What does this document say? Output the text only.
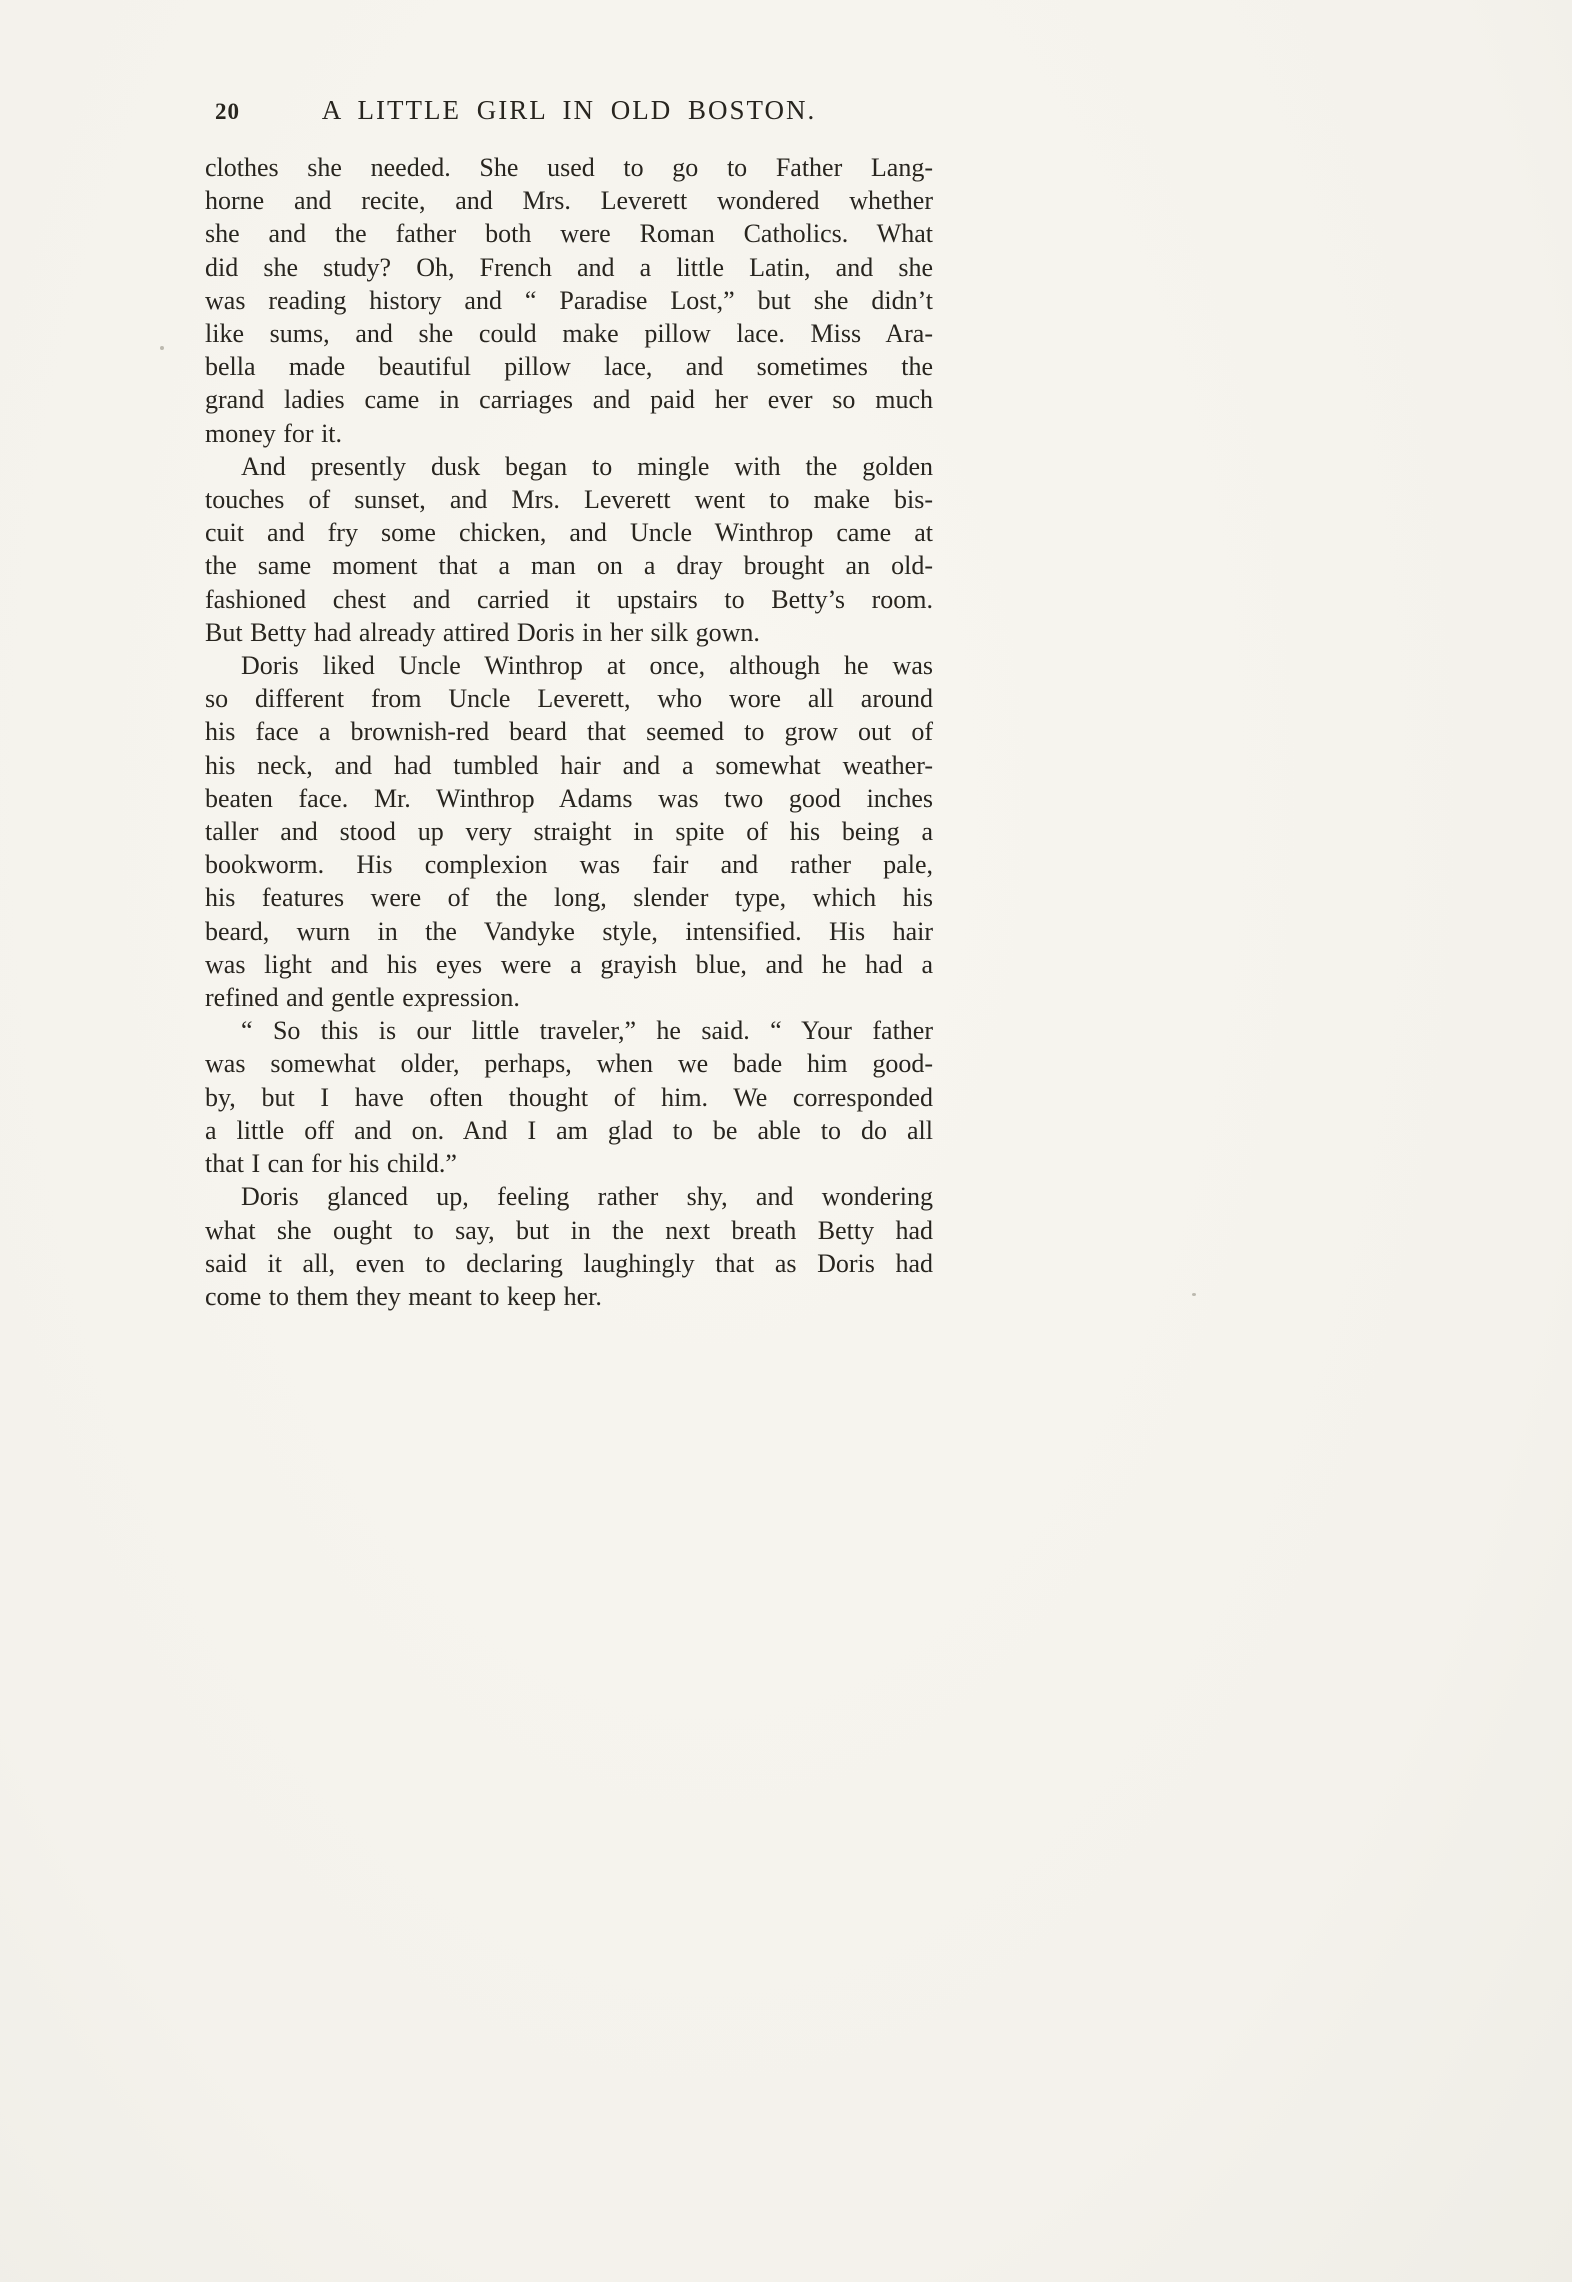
20	A LITTLE GIRL IN OLD BOSTON.
clothes she needed. She used to go to Father Lang-
horne and recite, and Mrs. Leverett wondered whether
she and the father both were Roman Catholics. What
did she study? Oh, French and a little Latin, and she
was reading history and “ Paradise Lost,” but she didn’t
like sums, and she could make pillow lace. Miss Ara-
bella made beautiful pillow lace, and sometimes the
grand ladies came in carriages and paid her ever so much
money for it.
And presently dusk began to mingle with the golden
touches of sunset, and Mrs. Leverett went to make bis-
cuit and fry some chicken, and Uncle Winthrop came at
the same moment that a man on a dray brought an old-
fashioned chest and carried it upstairs to Betty’s room.
But Betty had already attired Doris in her silk gown.
Doris liked Uncle Winthrop at once, although he was
so different from Uncle Leverett, who wore all around
his face a brownish-red beard that seemed to grow out of
his neck, and had tumbled hair and a somewhat weather-
beaten face. Mr. Winthrop Adams was two good inches
taller and stood up very straight in spite of his being a
bookworm. His complexion was fair and rather pale,
his features were of the long, slender type, which his
beard, wurn in the Vandyke style, intensified. His hair
was light and his eyes were a grayish blue, and he had a
refined and gentle expression.
“ So this is our little traveler,” he said. “ Your father
was somewhat older, perhaps, when we bade him good-
by, but I have often thought of him. We corresponded
a little off and on. And I am glad to be able to do all
that I can for his child.”
Doris glanced up, feeling rather shy, and wondering
what she ought to say, but in the next breath Betty had
said it all, even to declaring laughingly that as Doris had
come to them they meant to keep her.
